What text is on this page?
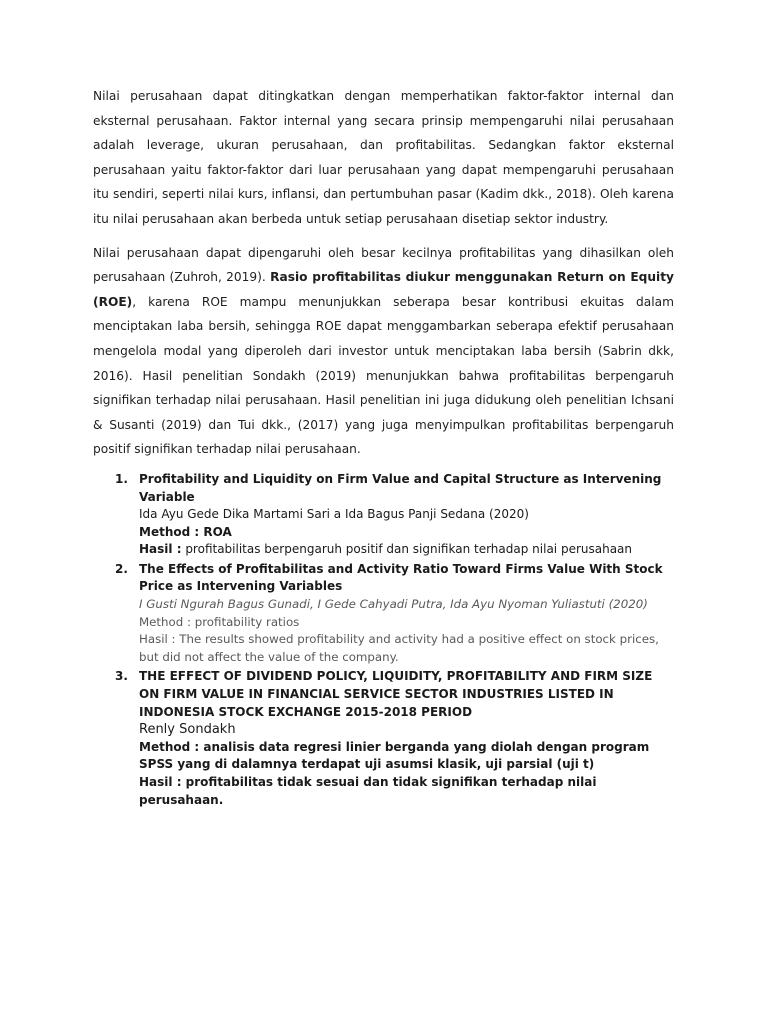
Nilai perusahaan dapat ditingkatkan dengan memperhatikan faktor-faktor internal dan eksternal perusahaan. Faktor internal yang secara prinsip mempengaruhi nilai perusahaan adalah leverage, ukuran perusahaan, dan profitabilitas. Sedangkan faktor eksternal perusahaan yaitu faktor-faktor dari luar perusahaan yang dapat mempengaruhi perusahaan itu sendiri, seperti nilai kurs, inflansi, dan pertumbuhan pasar (Kadim dkk., 2018). Oleh karena itu nilai perusahaan akan berbeda untuk setiap perusahaan disetiap sektor industry.

Nilai perusahaan dapat dipengaruhi oleh besar kecilnya profitabilitas yang dihasilkan oleh perusahaan (Zuhroh, 2019). Rasio profitabilitas diukur menggunakan Return on Equity (ROE), karena ROE mampu menunjukkan seberapa besar kontribusi ekuitas dalam menciptakan laba bersih, sehingga ROE dapat menggambarkan seberapa efektif perusahaan mengelola modal yang diperoleh dari investor untuk menciptakan laba bersih (Sabrin dkk, 2016). Hasil penelitian Sondakh (2019) menunjukkan bahwa profitabilitas berpengaruh signifikan terhadap nilai perusahaan. Hasil penelitian ini juga didukung oleh penelitian Ichsani & Susanti (2019) dan Tui dkk., (2017) yang juga menyimpulkan profitabilitas berpengaruh positif signifikan terhadap nilai perusahaan.

1. Profitability and Liquidity on Firm Value and Capital Structure as Intervening Variable
Ida Ayu Gede Dika Martami Sari a Ida Bagus Panji Sedana (2020)
Method : ROA
Hasil : profitabilitas berpengaruh positif dan signifikan terhadap nilai perusahaan
2. The Effects of Profitabilitas and Activity Ratio Toward Firms Value With Stock Price as Intervening Variables
I Gusti Ngurah Bagus Gunadi, I Gede Cahyadi Putra, Ida Ayu Nyoman Yuliastuti (2020)
Method : profitability ratios
Hasil : The results showed profitability and activity had a positive effect on stock prices, but did not affect the value of the company.
3. THE EFFECT OF DIVIDEND POLICY, LIQUIDITY, PROFITABILITY AND FIRM SIZE ON FIRM VALUE IN FINANCIAL SERVICE SECTOR INDUSTRIES LISTED IN INDONESIA STOCK EXCHANGE 2015-2018 PERIOD
Renly Sondakh
Method : analisis data regresi linier berganda yang diolah dengan program SPSS yang di dalamnya terdapat uji asumsi klasik, uji parsial (uji t)
Hasil : profitabilitas tidak sesuai dan tidak signifikan terhadap nilai perusahaan.
